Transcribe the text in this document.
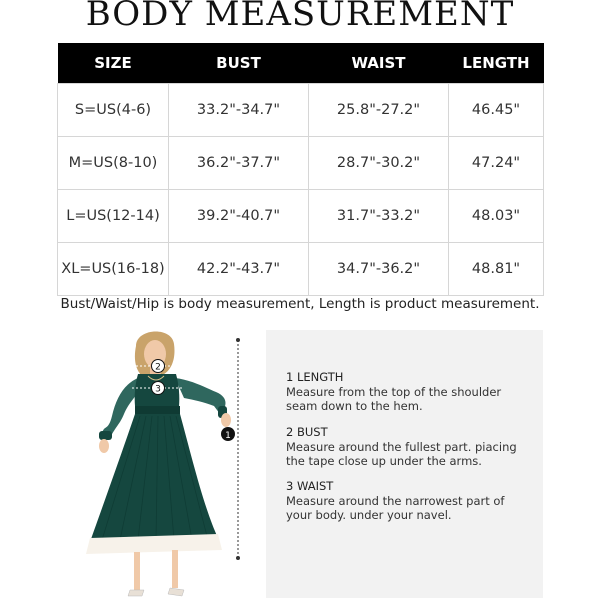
BODY MEASUREMENT
SIZE	BUST	WAIST	LENGTH
S=US(4-6)	33.2"-34.7"	25.8"-27.2"	46.45"
M=US(8-10)	36.2"-37.7"	28.7"-30.2"	47.24"
L=US(12-14)	39.2"-40.7"	31.7"-33.2"	48.03"
XL=US(16-18)	42.2"-43.7"	34.7"-36.2"	48.81"
Bust/Waist/Hip is body measurement, Length is product measurement.
1
2
3
1 LENGTH
Measure from the top of the shoulder
seam down to the hem.
2 BUST
Measure around the fullest part. piacing
the tape close up under the arms.
3 WAIST
Measure around the narrowest part of
your body. under your navel.
